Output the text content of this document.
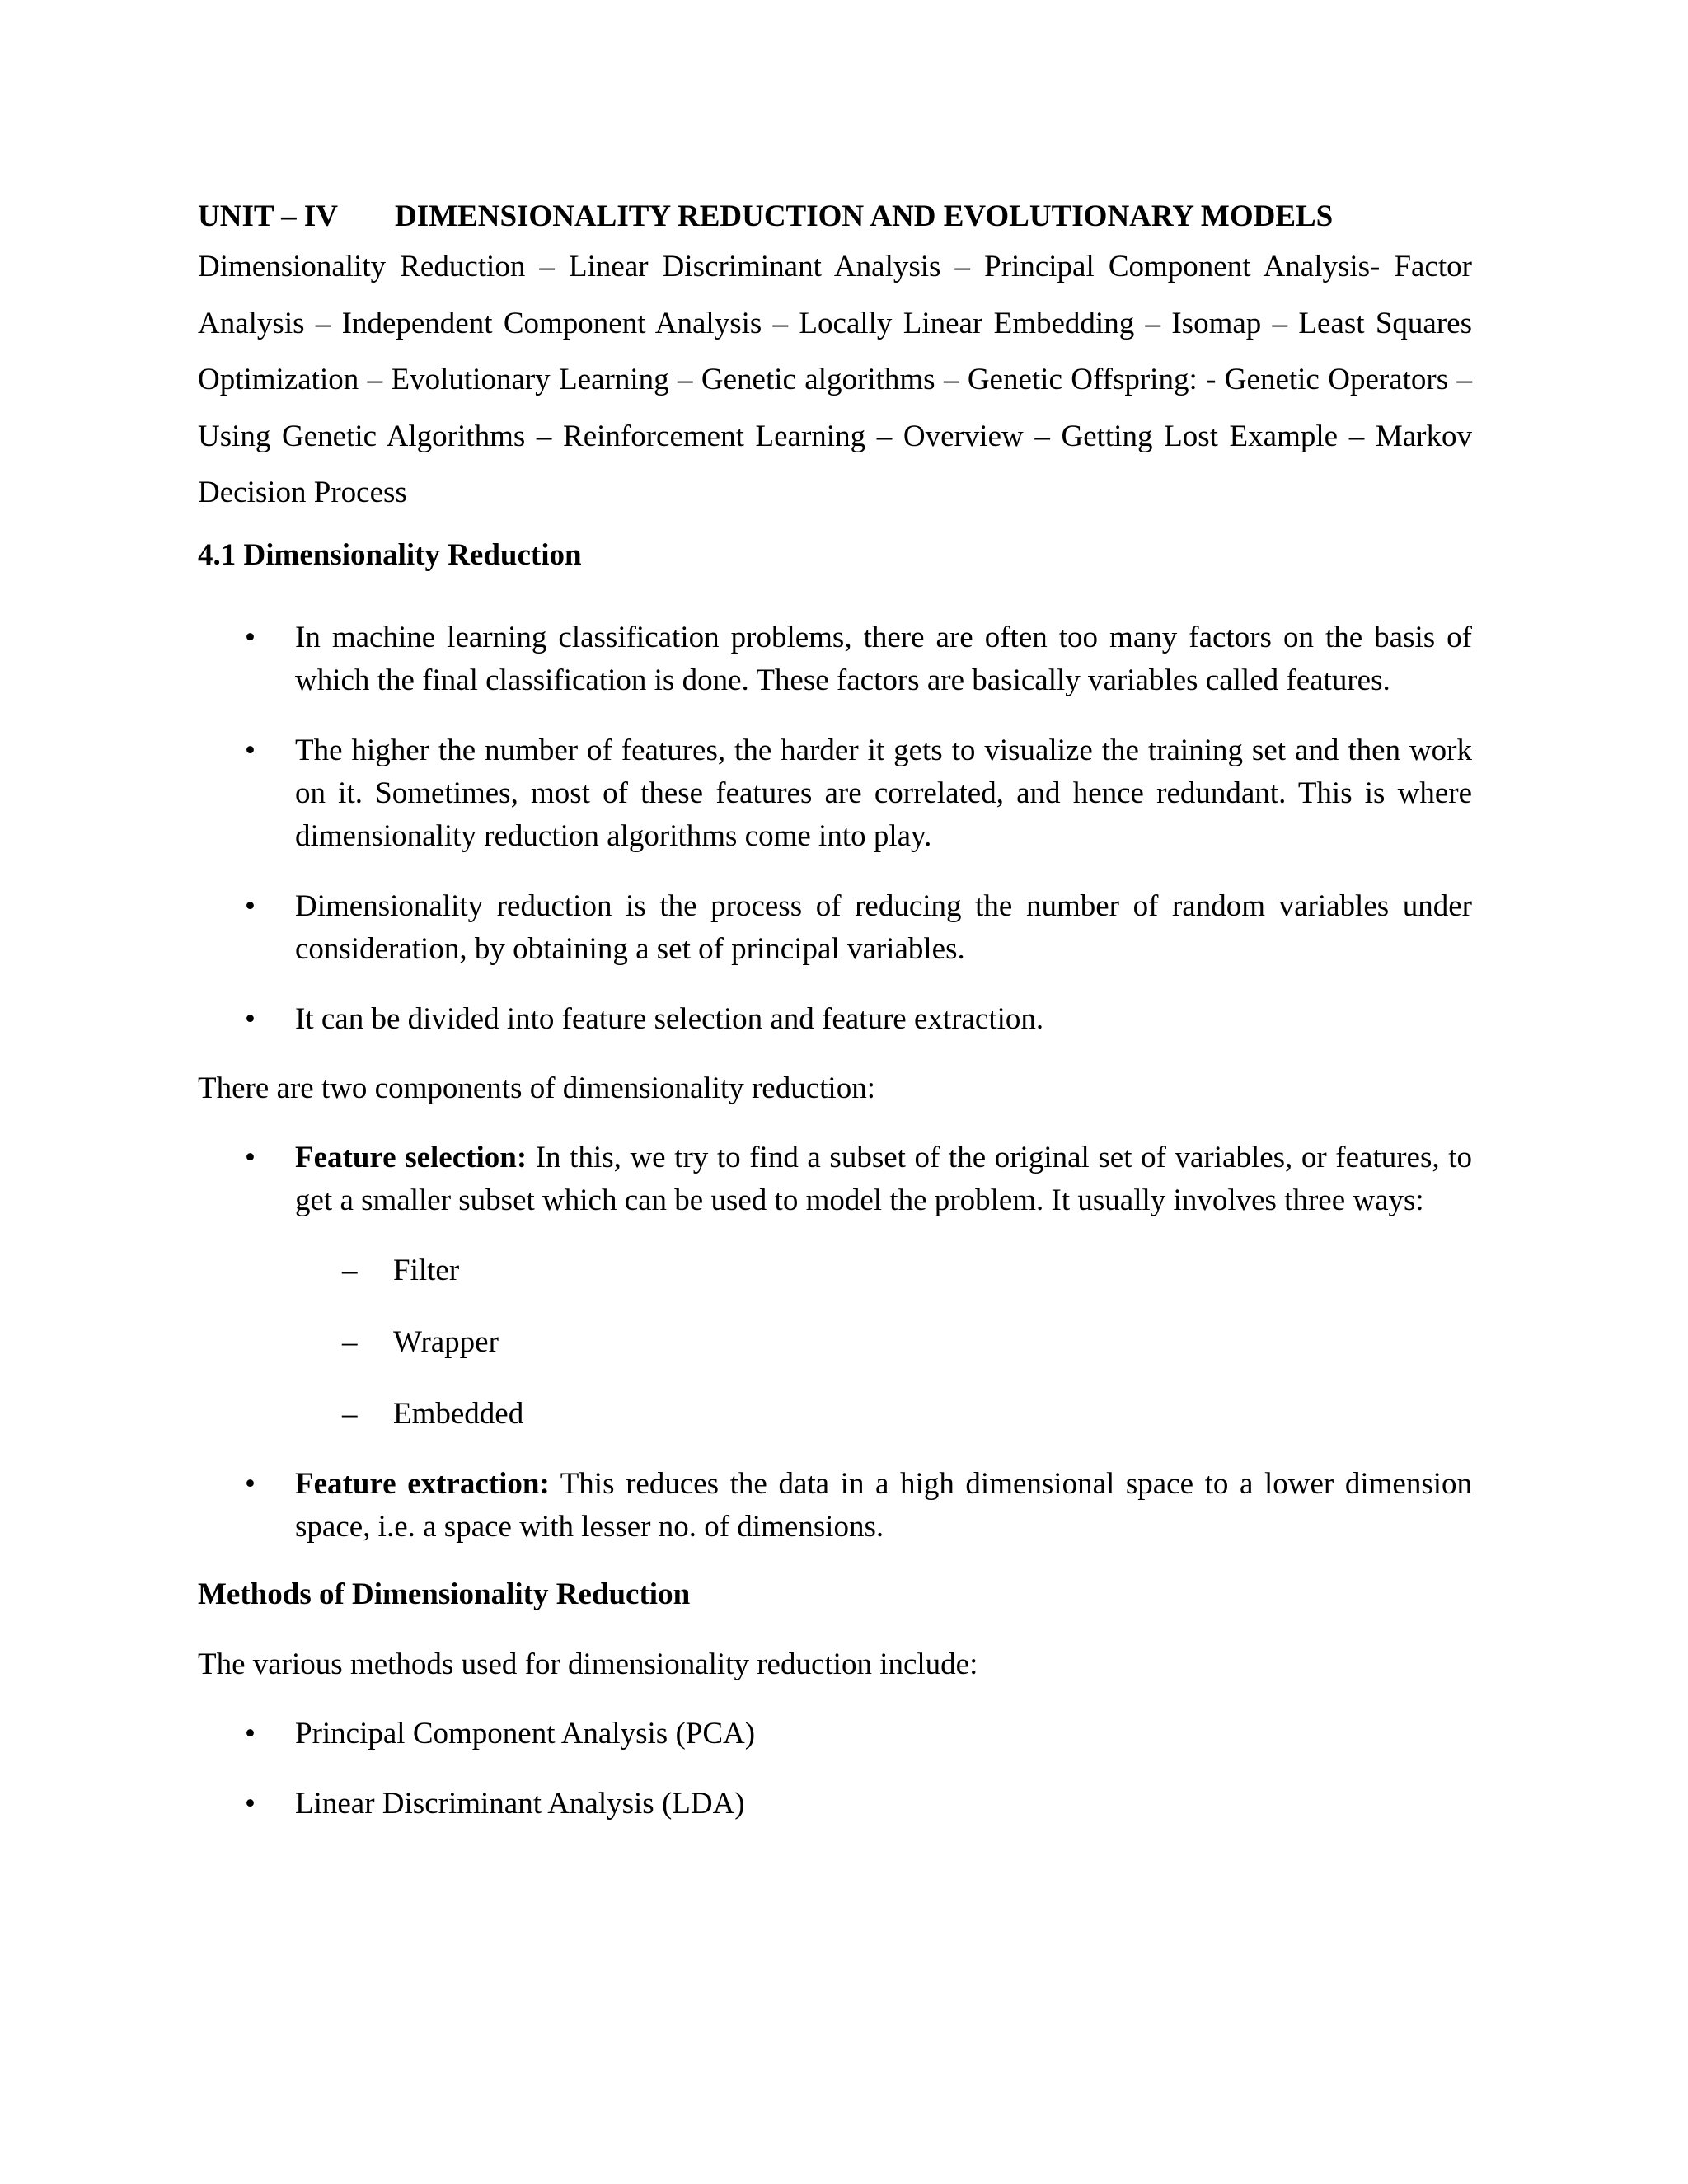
UNIT – IV DIMENSIONALITY REDUCTION AND EVOLUTIONARY MODELS

Dimensionality Reduction – Linear Discriminant Analysis – Principal Component Analysis- Factor Analysis – Independent Component Analysis – Locally Linear Embedding – Isomap – Least Squares Optimization – Evolutionary Learning – Genetic algorithms – Genetic Offspring: - Genetic Operators – Using Genetic Algorithms – Reinforcement Learning – Overview – Getting Lost Example – Markov Decision Process

4.1 Dimensionality Reduction

• In machine learning classification problems, there are often too many factors on the basis of which the final classification is done. These factors are basically variables called features.
• The higher the number of features, the harder it gets to visualize the training set and then work on it. Sometimes, most of these features are correlated, and hence redundant. This is where dimensionality reduction algorithms come into play.
• Dimensionality reduction is the process of reducing the number of random variables under consideration, by obtaining a set of principal variables.
• It can be divided into feature selection and feature extraction.

There are two components of dimensionality reduction:

• Feature selection: In this, we try to find a subset of the original set of variables, or features, to get a smaller subset which can be used to model the problem. It usually involves three ways:
– Filter
– Wrapper
– Embedded
• Feature extraction: This reduces the data in a high dimensional space to a lower dimension space, i.e. a space with lesser no. of dimensions.

Methods of Dimensionality Reduction

The various methods used for dimensionality reduction include:

• Principal Component Analysis (PCA)
• Linear Discriminant Analysis (LDA)
